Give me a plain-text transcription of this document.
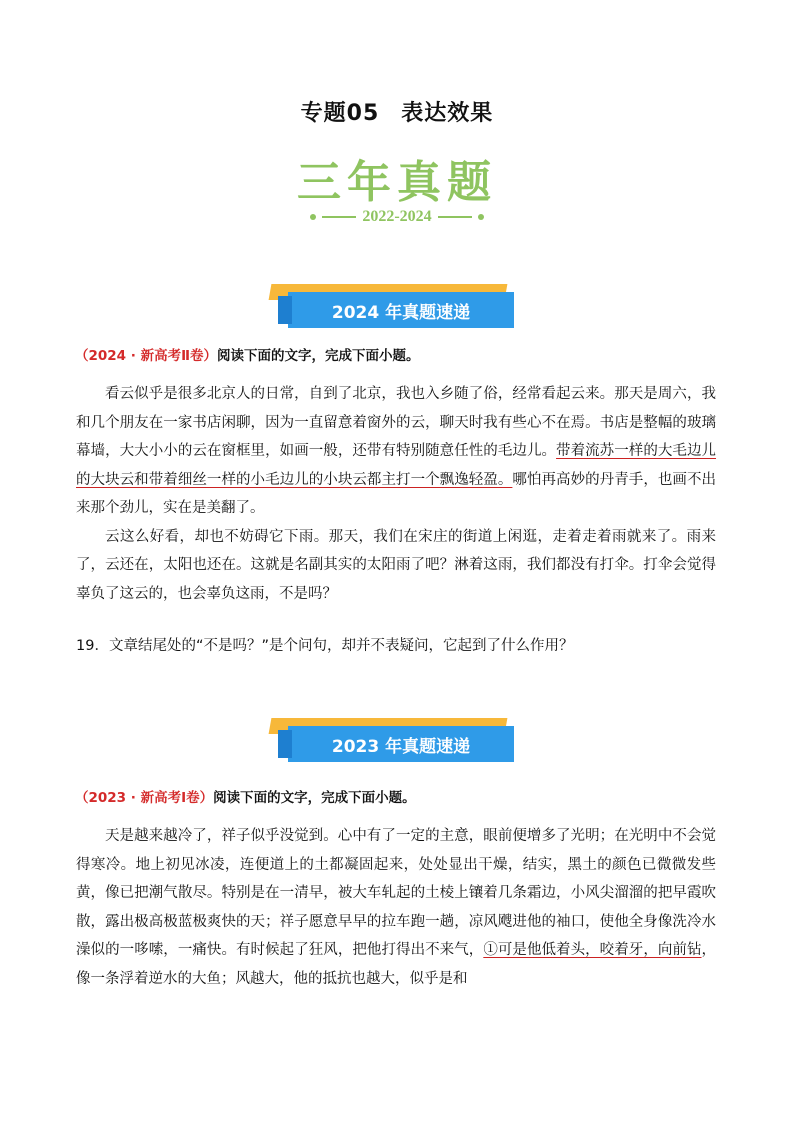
专题05 表达效果
三年真题
2022-2024
2024 年真题速递
（2024 · 新高考Ⅱ卷）阅读下面的文字，完成下面小题。

看云似乎是很多北京人的日常，自到了北京，我也入乡随了俗，经常看起云来。那天是周六，我和几个朋友在一家书店闲聊，因为一直留意着窗外的云，聊天时我有些心不在焉。书店是整幅的玻璃幕墙，大大小小的云在窗框里，如画一般，还带有特别随意任性的毛边儿。带着流苏一样的大毛边儿的大块云和带着细丝一样的小毛边儿的小块云都主打一个飘逸轻盈。哪怕再高妙的丹青手，也画不出来那个劲儿，实在是美翻了。

云这么好看，却也不妨碍它下雨。那天，我们在宋庄的街道上闲逛，走着走着雨就来了。雨来了，云还在，太阳也还在。这就是名副其实的太阳雨了吧？淋着这雨，我们都没有打伞。打伞会觉得辜负了这云的，也会辜负这雨，不是吗？

19．文章结尾处的“不是吗？”是个问句，却并不表疑问，它起到了什么作用？
2023 年真题速递
（2023 · 新高考Ⅰ卷）阅读下面的文字，完成下面小题。

天是越来越冷了，祥子似乎没觉到。心中有了一定的主意，眼前便增多了光明；在光明中不会觉得寒冷。地上初见冰凌，连便道上的土都凝固起来，处处显出干燥，结实，黑土的颜色已微微发些黄，像已把潮气散尽。特别是在一清早，被大车轧起的土棱上镶着几条霜边，小风尖溜溜的把早霞吹散，露出极高极蓝极爽快的天；祥子愿意早早的拉车跑一趟，凉风飕进他的袖口，使他全身像洗冷水澡似的一哆嗦，一痛快。有时候起了狂风，把他打得出不来气，①可是他低着头，咬着牙，向前钻，像一条浮着逆水的大鱼；风越大，他的抵抗也越大，似乎是和
